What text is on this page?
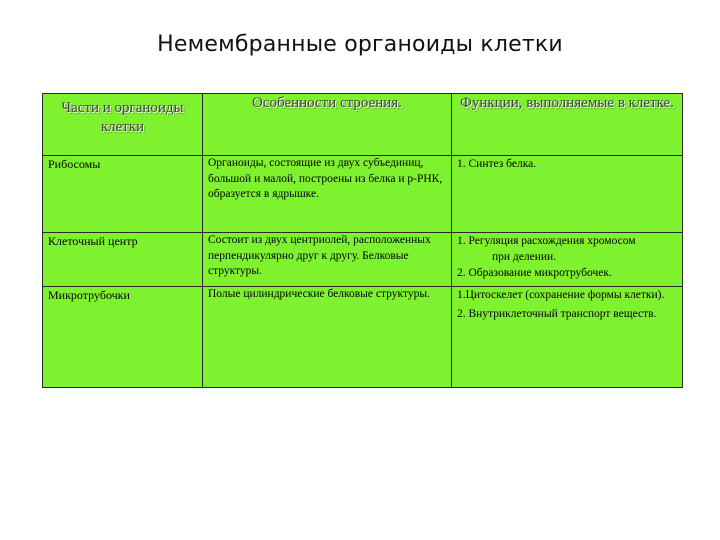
Немембранные органоиды клетки
Части и органоиды клетки	Особенности строения.	Функции, выполняемые в клетке.
Рибосомы	Органоиды, состоящие из двух субъединиц, большой и малой, построены из белка и р-РНК, образуется в ядрышке.	1. Синтез белка.

Клеточный центр	Состоит из двух центриолей, расположенных перпендикулярно друг к другу. Белковые структуры.	1. Регуляция расхождения хромосом
при делении.
2. Образование микротрубочек.

Микротрубочки	Полые цилиндрические белковые структуры.	1.Цитоскелет (сохранение формы клетки).
2. Внутриклеточный транспорт веществ.
